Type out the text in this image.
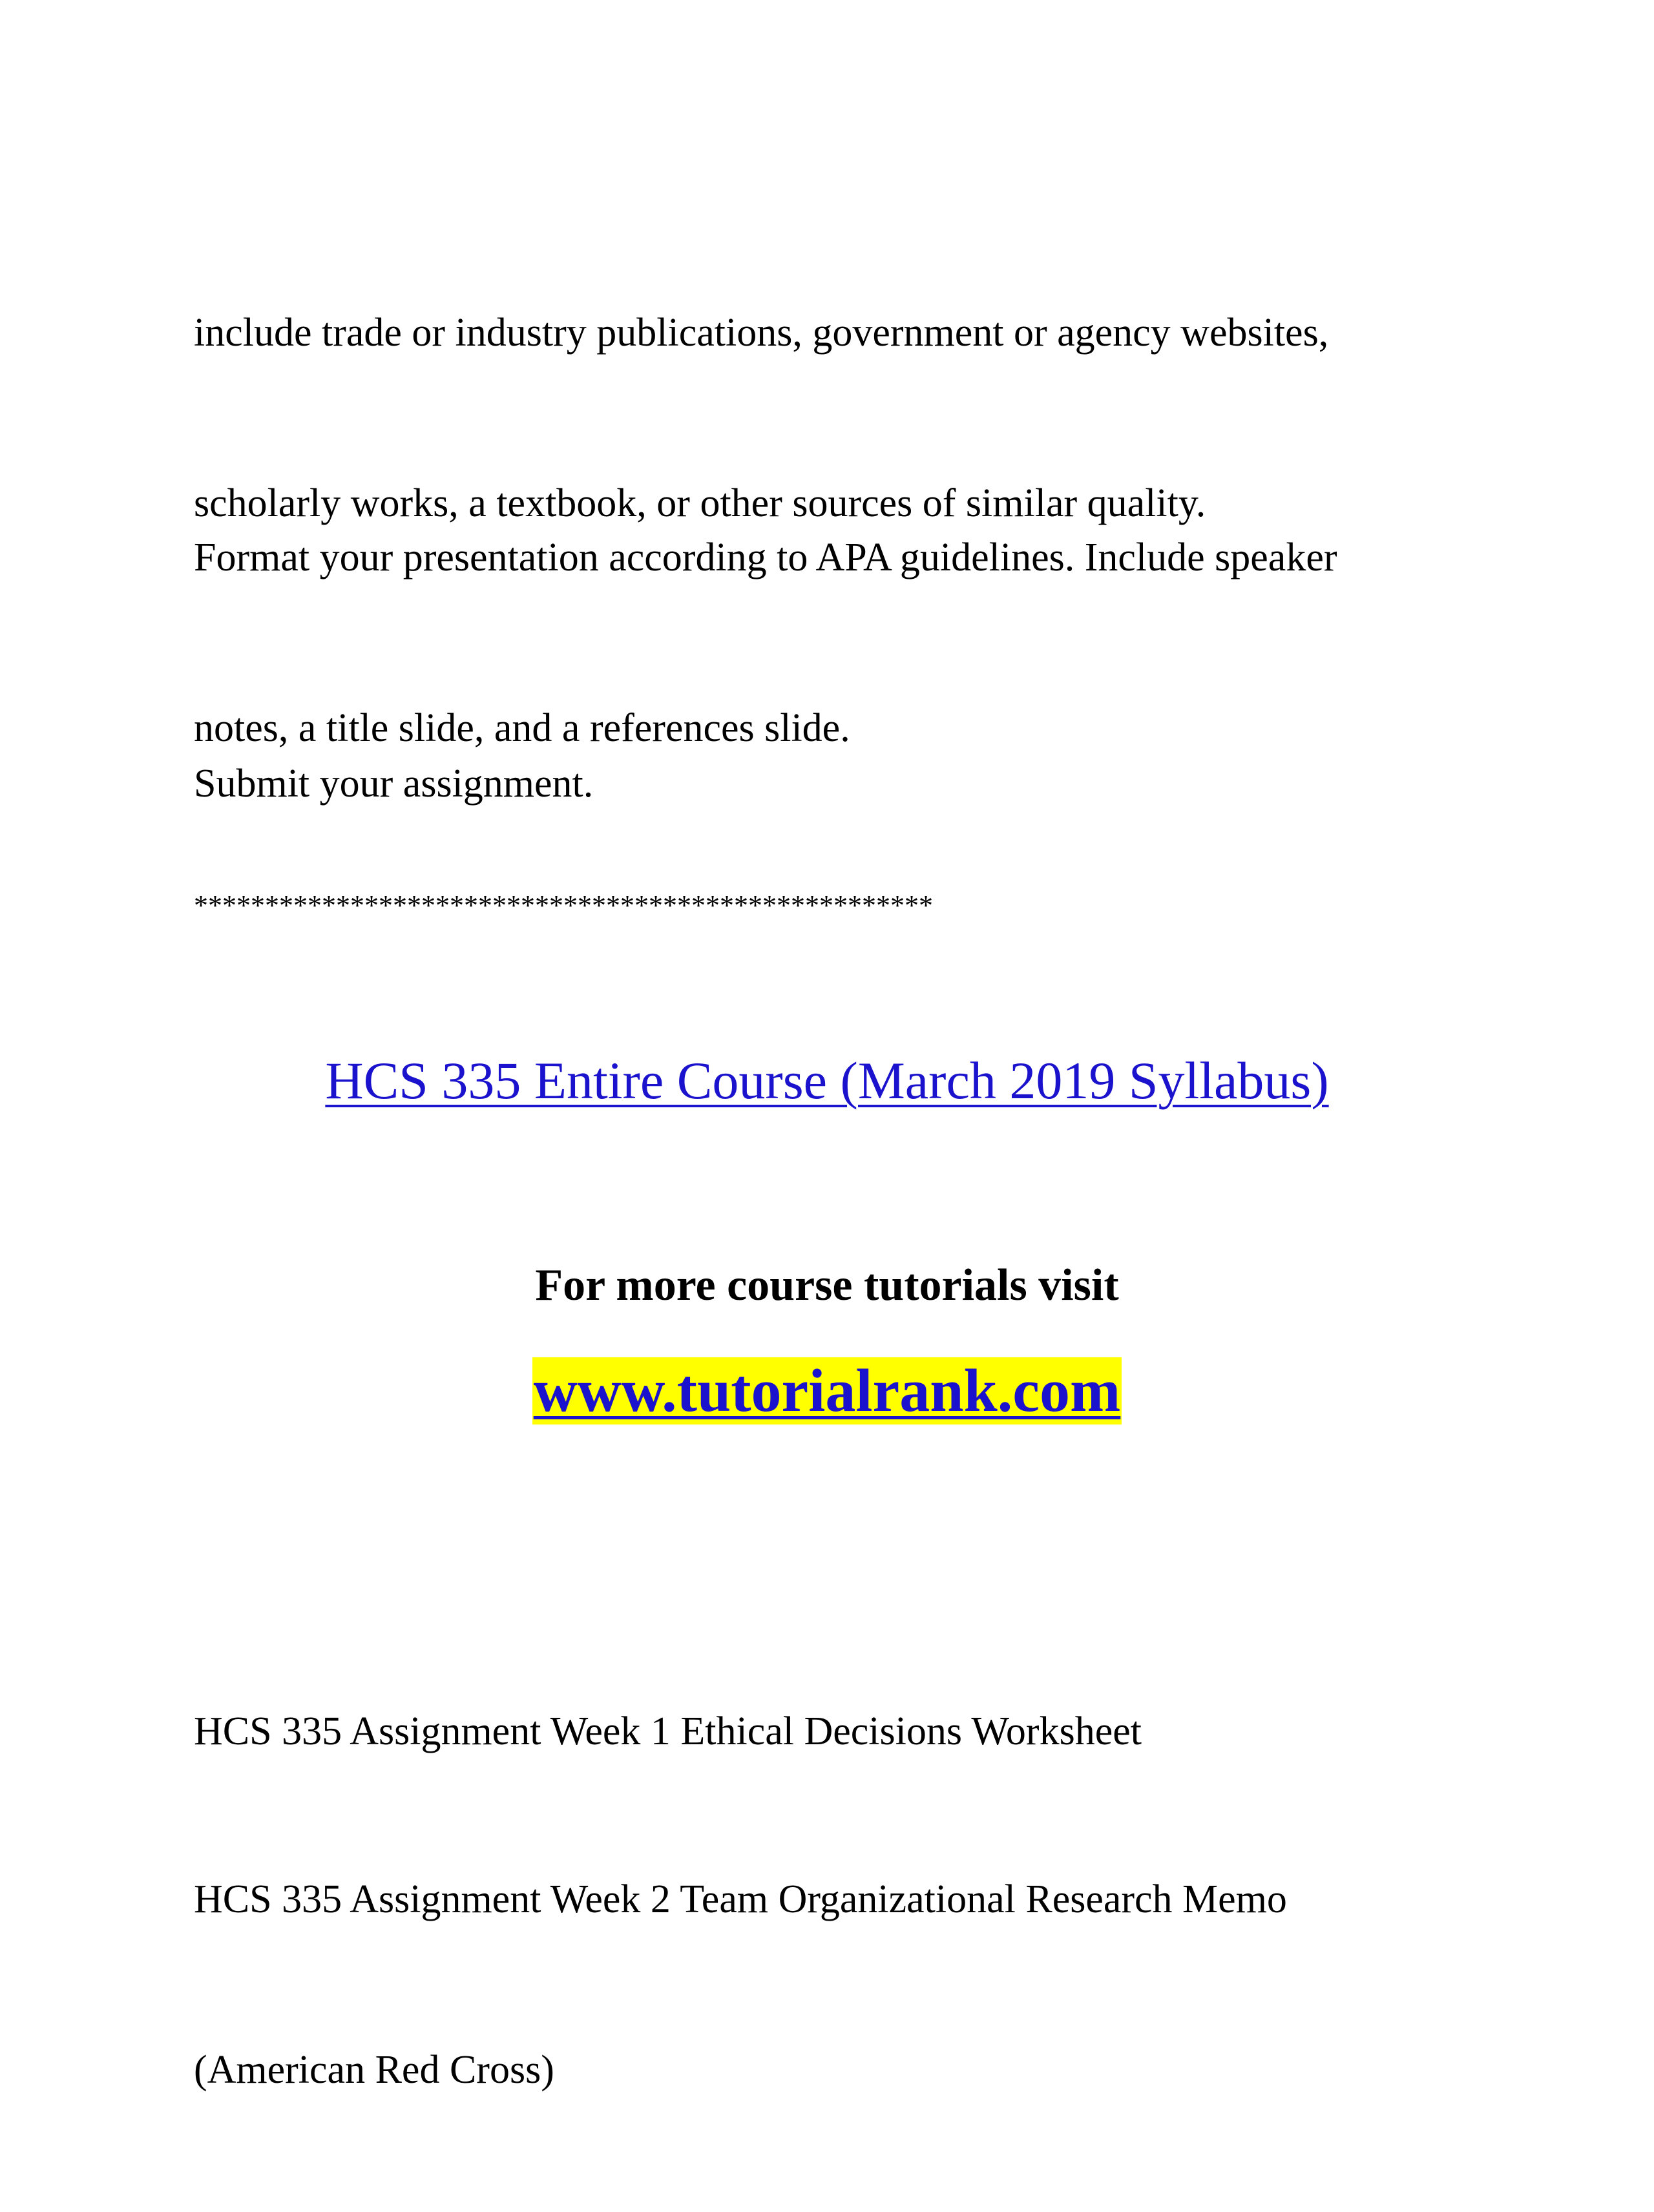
include trade or industry publications, government or agency websites,

scholarly works, a textbook, or other sources of similar quality.

Format your presentation according to APA guidelines. Include speaker

notes, a title slide, and a references slide.

Submit your assignment.

****************************************************

HCS 335 Entire Course (March 2019 Syllabus)

For more course tutorials visit

www.tutorialrank.com

HCS 335 Assignment Week 1 Ethical Decisions Worksheet

HCS 335 Assignment Week 2 Team Organizational Research Memo

(American Red Cross)
